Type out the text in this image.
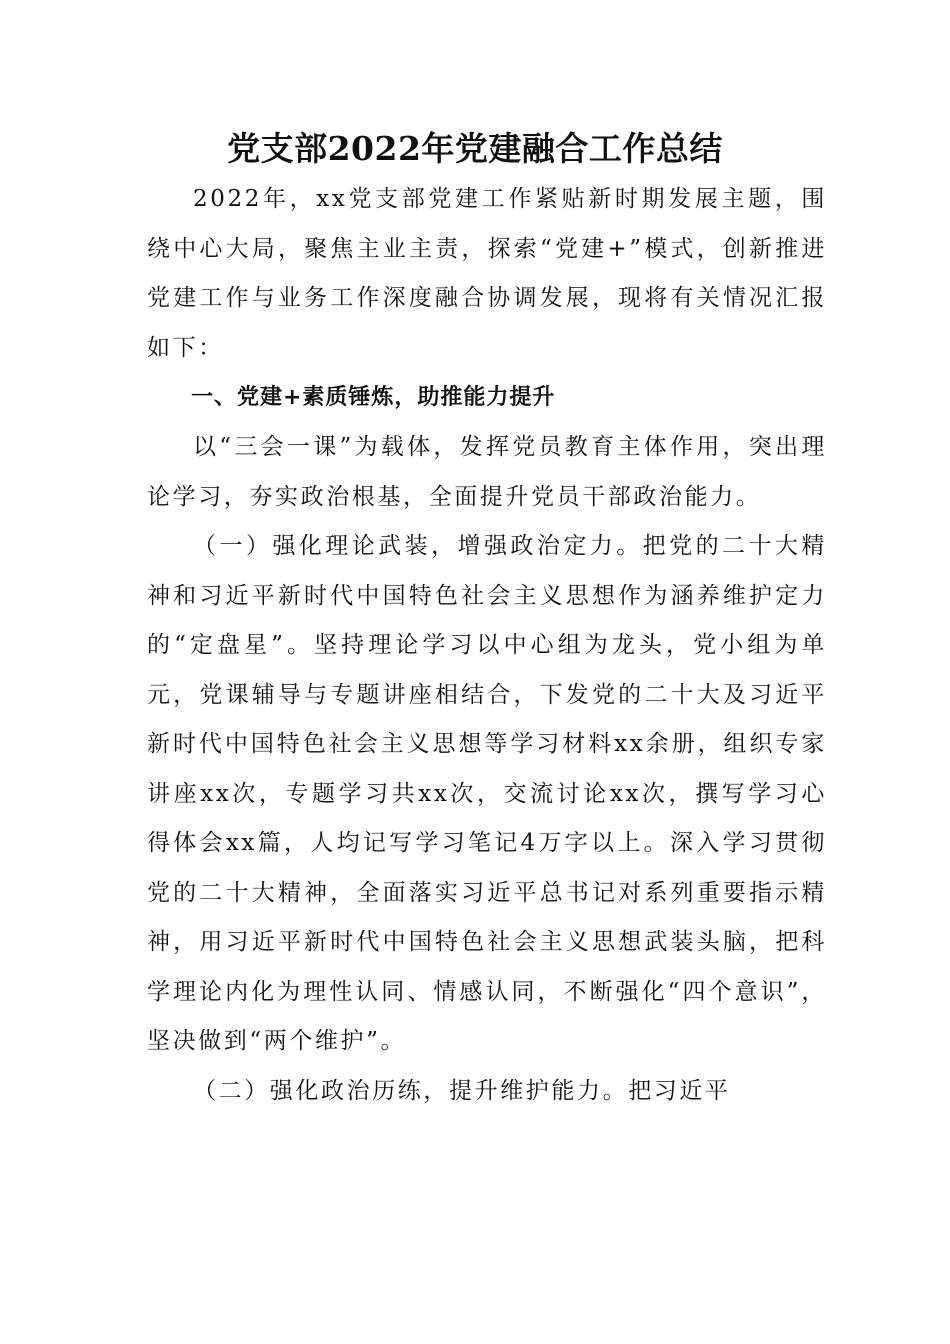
党支部2022年党建融合工作总结

2022年，xx党支部党建工作紧贴新时期发展主题，围绕中心大局，聚焦主业主责，探索“党建+”模式，创新推进党建工作与业务工作深度融合协调发展，现将有关情况汇报如下：

一、党建+素质锤炼，助推能力提升

以“三会一课”为载体，发挥党员教育主体作用，突出理论学习，夯实政治根基，全面提升党员干部政治能力。

（一）强化理论武装，增强政治定力。把党的二十大精神和习近平新时代中国特色社会主义思想作为涵养维护定力的“定盘星”。坚持理论学习以中心组为龙头，党小组为单元，党课辅导与专题讲座相结合，下发党的二十大及习近平新时代中国特色社会主义思想等学习材料xx余册，组织专家讲座xx次，专题学习共xx次，交流讨论xx次，撰写学习心得体会xx篇，人均记写学习笔记4万字以上。深入学习贯彻党的二十大精神，全面落实习近平总书记对系列重要指示精神，用习近平新时代中国特色社会主义思想武装头脑，把科学理论内化为理性认同、情感认同，不断强化“四个意识”，坚决做到“两个维护”。

（二）强化政治历练，提升维护能力。把习近平
